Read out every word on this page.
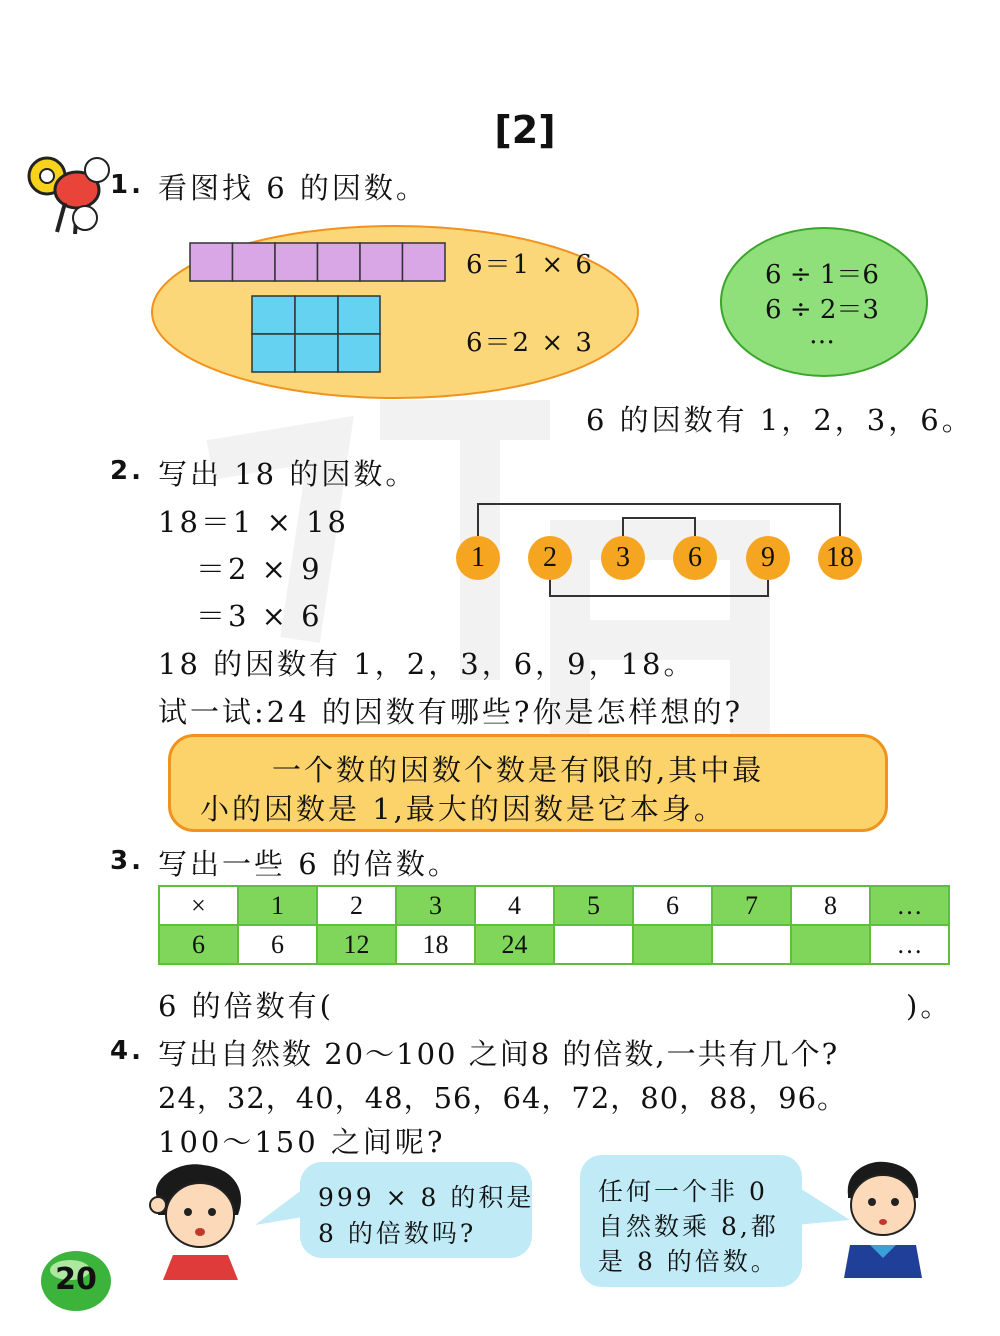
[2]
1. 看图找 6 的因数。
6＝1 × 6
6＝2 × 3
6 ÷ 1＝6
6 ÷ 2＝3
…
6 的因数有 1，2，3，6。
2. 写出 18 的因数。
18＝1 × 18
＝2 × 9
＝3 × 6
1	2	3	6	9	18
18 的因数有 1，2，3，6，9，18。
试一试:24 的因数有哪些?你是怎样想的?
一个数的因数个数是有限的,其中最
小的因数是 1,最大的因数是它本身。
3. 写出一些 6 的倍数。
×	1	2	3	4	5	6	7	8	…
6	6	12	18	24					…
6 的倍数有(	)。
4. 写出自然数 20～100 之间8 的倍数,一共有几个?
24，32，40，48，56，64，72，80，88，96。
100～150 之间呢?
999 × 8 的积是
8 的倍数吗?
任何一个非 0
自然数乘 8,都
是 8 的倍数。
20
